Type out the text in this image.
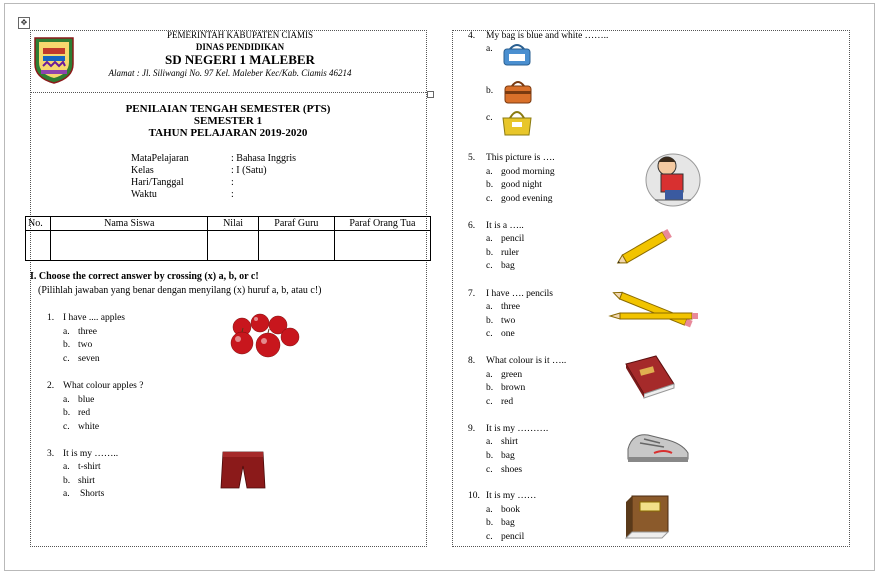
✥
PEMERINTAH KABUPATEN CIAMIS
DINAS PENDIDIKAN
SD NEGERI 1 MALEBER
Alamat : Jl. Siliwangi No. 97 Kel. Maleber Kec/Kab. Ciamis 46214
PENILAIAN TENGAH SEMESTER (PTS)
SEMESTER 1
TAHUN PELAJARAN 2019-2020
MataPelajaran	: Bahasa Inggris
Kelas	: I (Satu)
Hari/Tanggal	:
Waktu	:
No.	Nama Siswa	Nilai	Paraf Guru	Paraf Orang Tua

I. Choose the correct answer by crossing (x) a, b, or c!
(Pilihlah jawaban yang benar dengan menyilang (x) huruf a, b, atau c!)
1. I have .... apples
a. three
b. two
c. seven
2. What colour apples ?
a. blue
b. red
c. white
3. It is my ……..
a. t-shirt
b. shirt
a. Shorts
4. My bag is blue and white ……..
a.
b.
c.
5. This picture is ….
a. good morning
b. good night
c. good evening
6. It is a …..
a. pencil
b. ruler
c. bag
7. I have …. pencils
a. three
b. two
c. one
8. What colour is it …..
a. green
b. brown
c. red
9. It is my ……….
a. shirt
b. bag
c. shoes
10. It is my ……
a. book
b. bag
c. pencil
